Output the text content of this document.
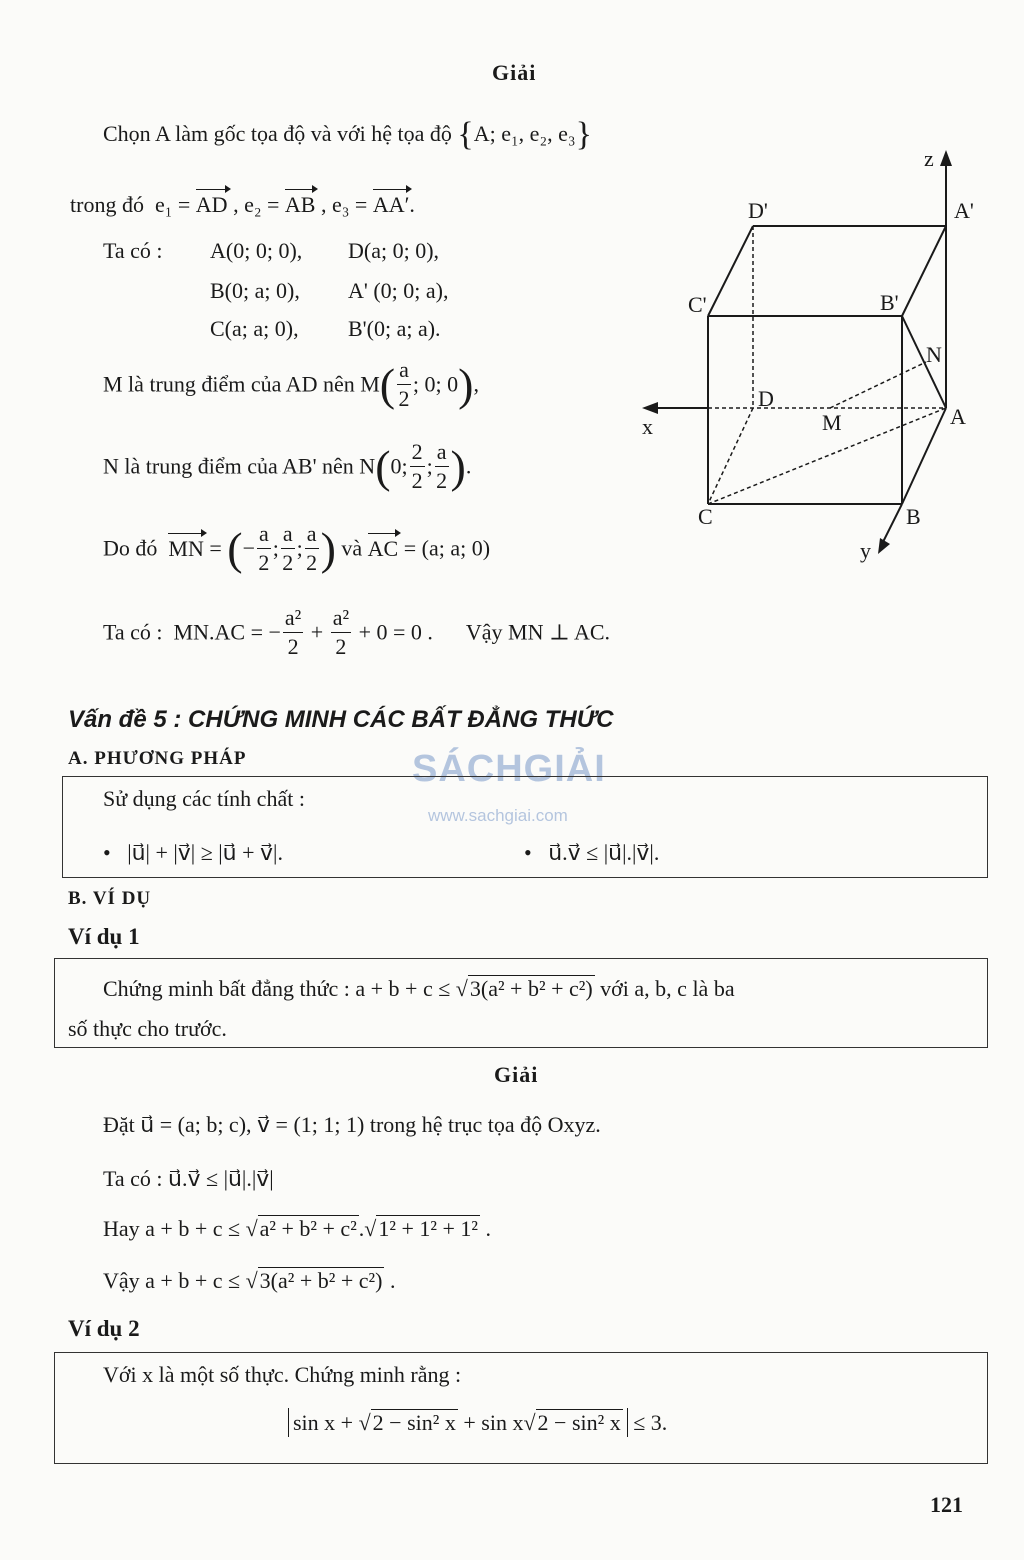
Giải
Chọn A làm gốc tọa độ và với hệ tọa độ {A; e₁, e₂, e₃}
trong đó e₁ = AD , e₂ = AB , e₃ = AA′.
Ta có : A(0; 0; 0), D(a; 0; 0),
B(0; a; 0), A' (0; 0; a),
C(a; a; 0), B'(0; a; a).
M là trung điểm của AD nên $M( \frac{a}{2}$ ; 0; 0),
N là trung điểm của AB' nên N(0; $\frac{2}{2}$ ; $\frac{a}{2}$ ).
Do đó MN = (− $\frac{a}{2}$ ; $\frac{a}{2}$ ; $\frac{a}{2}$ ) và AC = (a; a; 0)
Ta có : MN.AC = − $\frac{\text{a²}}{2} + \frac{\text{a²}}{2} + 0 = 0$ . Vậy MN ⊥ AC.
z
x
y
D'	A'
C'	B'
N
D
M	A
C	B
Vấn đề 5 : CHỨNG MINH CÁC BẤT ĐẲNG THỨC
A. PHƯƠNG PHÁP	SÁCHGIẢI
www.sachgiai.com
Sử dụng các tính chất :
•   |u⃗| + |v⃗| ≥ |u⃗ + v⃗|.	•   u⃗.v⃗ ≤ |u⃗|.|v⃗|.
B. VÍ DỤ
Ví dụ 1
Chứng minh bất đẳng thức : a + b + c ≤ √3(a² + b² + c²) với a, b, c là ba
số thực cho trước.
Giải
Đặt u⃗ = (a; b; c), v⃗ = (1; 1; 1) trong hệ trục tọa độ Oxyz.
Ta có : u⃗.v⃗ ≤ |u⃗|.|v⃗|
Hay a + b + c ≤ √a² + b² + c².√1² + 1² + 1² .
Vậy a + b + c ≤ √3(a² + b² + c²) .
Ví dụ 2
Với x là một số thực. Chứng minh rằng :
sin x + √2 − sin² x + sin x√2 − sin² x ≤ 3.
121
